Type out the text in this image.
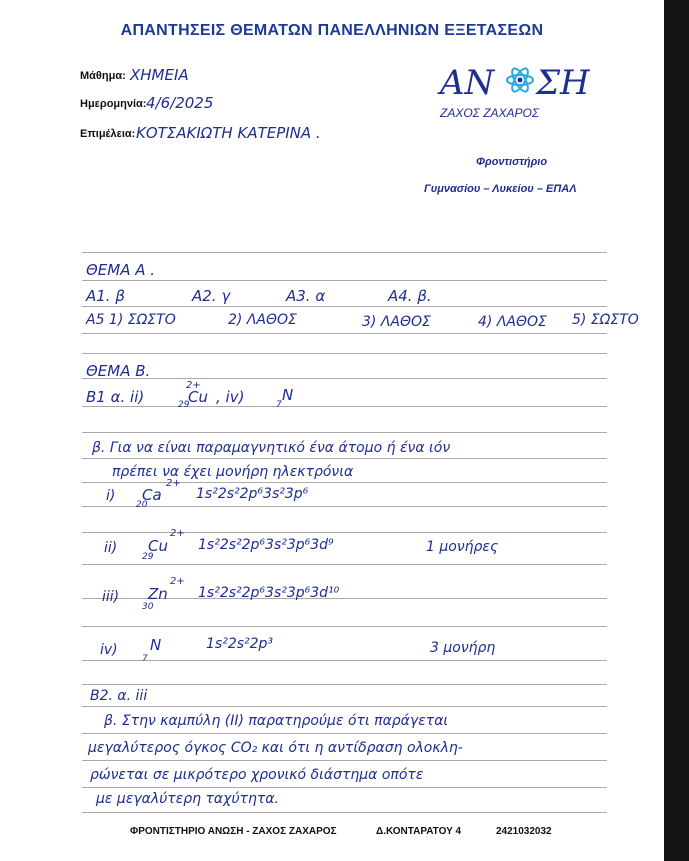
ΑΠΑΝΤΗΣΕΙΣ ΘΕΜΑΤΩΝ ΠΑΝΕΛΛΗΝΙΩΝ ΕΞΕΤΑΣΕΩΝ
Μάθημα: ΧΗΜΕΙΑ
Ημερομηνία: 4/6/2025
Επιμέλεια: ΚΟΤΣΑΚΙΩΤΗ ΚΑΤΕΡΙΝΑ .
ΑΝ ΣΗ
ΖΑΧΟΣ ΖΑΧΑΡΟΣ
Φροντιστήριο
Γυμνασίου – Λυκείου – ΕΠΑΛ
ΘΕΜΑ Α .
Α1. β	Α2. γ	Α3. α	Α4. β.
Α5 1) ΣΩΣΤΟ	2) ΛΑΘΟΣ	3) ΛΑΘΟΣ	4) ΛΑΘΟΣ 5) ΣΩΣΤΟ
ΘΕΜΑ Β.
Β1 α. ii)
2+
29
Cu , iv)	7
N
β. Για να είναι παραμαγνητικό ένα άτομο ή ένα ιόν
πρέπει να έχει μονήρη ηλεκτρόνια
i)
2+
20
Ca 1s²2s²2p⁶3s²3p⁶
ii)
2+
29
Cu 1s²2s²2p⁶3s²3p⁶3d⁹	1 μονήρες
iii)
2+
30
Zn 1s²2s²2p⁶3s²3p⁶3d¹⁰
iv)
7
N	1s²2s²2p³	3 μονήρη
Β2. α. iii
β. Στην καμπύλη (II) παρατηρούμε ότι παράγεται
μεγαλύτερος όγκος CO₂ και ότι η αντίδραση ολοκλη-
ρώνεται σε μικρότερο χρονικό διάστημα οπότε
με μεγαλύτερη ταχύτητα.
ΦΡΟΝΤΙΣΤΗΡΙΟ ΑΝΩΣΗ - ΖΑΧΟΣ ΖΑΧΑΡΟΣ	Δ.ΚΟΝΤΑΡΑΤΟΥ 4	2421032032
